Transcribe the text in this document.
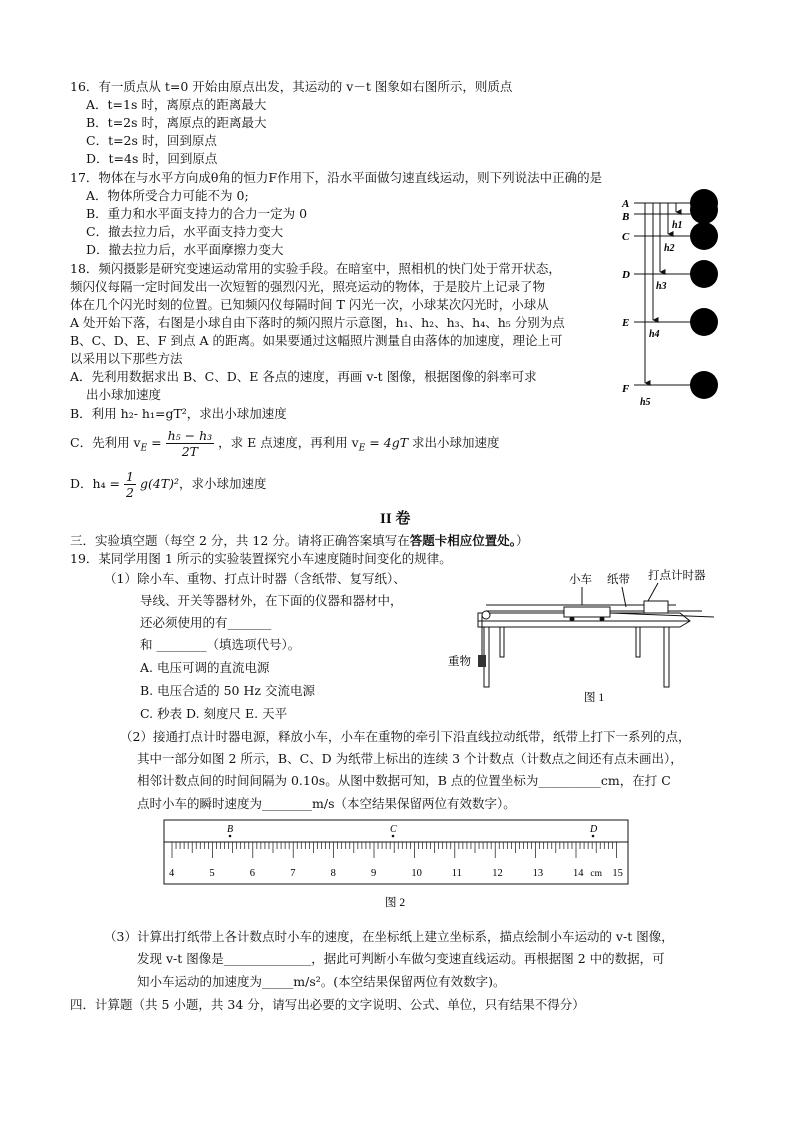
16．有一质点从 t=0 开始由原点出发，其运动的 v－t 图象如右图所示，则质点
A．t=1s 时，离原点的距离最大
B．t=2s 时，离原点的距离最大
C．t=2s 时，回到原点
D．t=4s 时，回到原点
17．物体在与水平方向成θ角的恒力F作用下，沿水平面做匀速直线运动，则下列说法中正确的是
A．物体所受合力可能不为 0;
B．重力和水平面支持力的合力一定为 0
C．撤去拉力后，水平面支持力变大
D．撤去拉力后，水平面摩擦力变大
18．频闪摄影是研究变速运动常用的实验手段。在暗室中，照相机的快门处于常开状态，
频闪仪每隔一定时间发出一次短暂的强烈闪光，照亮运动的物体，于是胶片上记录了物
体在几个闪光时刻的位置。已知频闪仪每隔时间 T 闪光一次，小球某次闪光时，小球从
A 处开始下落，右图是小球自由下落时的频闪照片示意图，h₁、h₂、h₃、h₄、h₅ 分别为点
B、C、D、E、F 到点 A 的距离。如果要通过这幅照片测量自由落体的加速度，理论上可
以采用以下那些方法
A．先利用数据求出 B、C、D、E 各点的速度，再画 v-t 图像，根据图像的斜率可求
出小球加速度
B．利用 h₂- h₁=gT²，求出小球加速度
C．先利用 $v_E = \frac{\text{h₅ − h₃}}{2T}$ ，求 E 点速度，再利用 $v_E = 4gT$ 求出小球加速度
D．$h_4 = \frac{1}{2} g(4T)^2$，求小球加速度
A
B
C
D
E
F
h1
h2
h3
h4
h5
II 卷
三．实验填空题（每空 2 分，共 12 分。请将正确答案填写在答题卡相应位置处。）
19．某同学用图 1 所示的实验装置探究小车速度随时间变化的规律。
（1）除小车、重物、打点计时器（含纸带、复写纸）、
导线、开关等器材外，在下面的仪器和器材中，
还必须使用的有_______
和 ________（填选项代号）。
A. 电压可调的直流电源
B. 电压合适的 50 Hz 交流电源
C. 秒表 D. 刻度尺 E. 天平
小车 纸带 打点计时器
重物
图 1
（2）接通打点计时器电源，释放小车，小车在重物的牵引下沿直线拉动纸带，纸带上打下一系列的点，
其中一部分如图 2 所示，B、C、D 为纸带上标出的连续 3 个计数点（计数点之间还有点未画出），
相邻计数点间的时间间隔为 0.10s。从图中数据可知，B 点的位置坐标为__________cm，在打 C
点时小车的瞬时速度为________m/s（本空结果保留两位有效数字）。
4	5	6	7	8	9	10	11	12	13	14	15
cm
B	C	D
图 2
（3）计算出打纸带上各计数点时小车的速度，在坐标纸上建立坐标系，描点绘制小车运动的 v-t 图像，
发现 v-t 图像是______________，据此可判断小车做匀变速直线运动。再根据图 2 中的数据，可
知小车运动的加速度为_____m/s²。(本空结果保留两位有效数字)。
四．计算题（共 5 小题，共 34 分，请写出必要的文字说明、公式、单位，只有结果不得分）
